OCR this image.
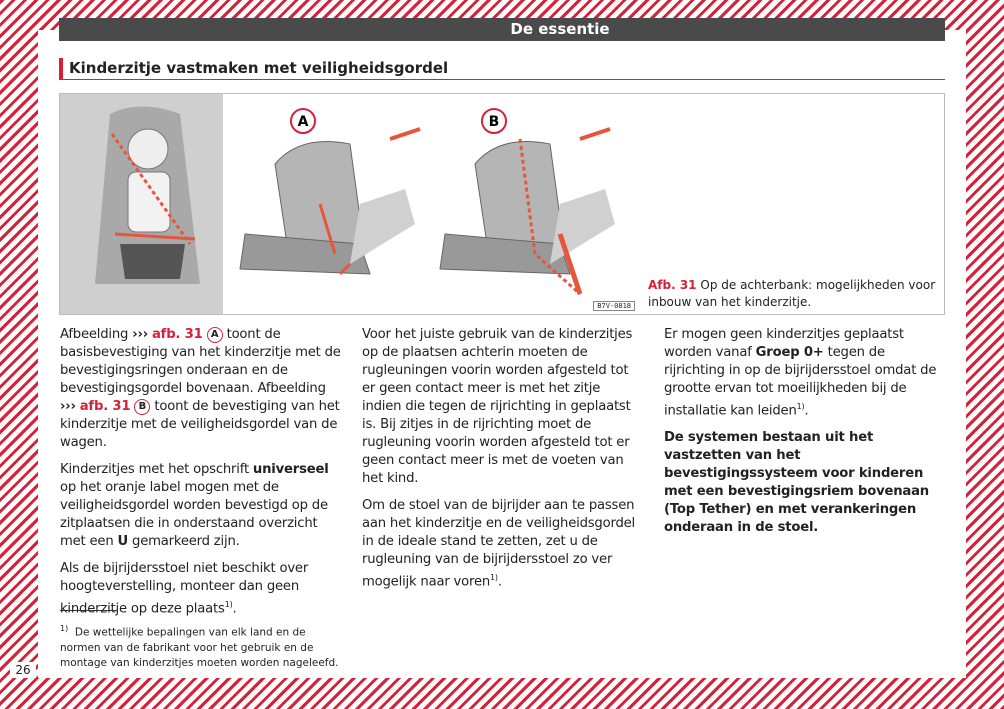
De essentie
Kinderzitje vastmaken met veiligheidsgordel
A	B
B7V-0818
Afb. 31 Op de achterbank: mogelijkheden voor inbouw van het kinderzitje.

Afbeelding ››› afb. 31 A toont de basisbevestiging van het kinderzitje met de bevestigingsringen onderaan en de bevestigingsgordel bovenaan. Afbeelding ››› afb. 31 B toont de bevestiging van het kinderzitje met de veiligheidsgordel van de wagen.

Kinderzitjes met het opschrift universeel op het oranje label mogen met de veiligheidsgordel worden bevestigd op de zitplaatsen die in onderstaand overzicht met een U gemarkeerd zijn.

Als de bijrijdersstoel niet beschikt over hoogteverstelling, monteer dan geen kinderzitje op deze plaats$^{1)}$.

Voor het juiste gebruik van de kinderzitjes op de plaatsen achterin moeten de rugleuningen voorin worden afgesteld tot er geen contact meer is met het zitje indien die tegen de rijrichting in geplaatst is. Bij zitjes in de rijrichting moet de rugleuning voorin worden afgesteld tot er geen contact meer is met de voeten van het kind.

Om de stoel van de bijrijder aan te passen aan het kinderzitje en de veiligheidsgordel in de ideale stand te zetten, zet u de rugleuning van de bijrijdersstoel zo ver mogelijk naar voren$^{1)}$.

Er mogen geen kinderzitjes geplaatst worden vanaf Groep 0+ tegen de rijrichting in op de bijrijdersstoel omdat de grootte ervan tot moeilijkheden bij de installatie kan leiden$^{1)}$.

De systemen bestaan uit het vastzetten van het bevestigingssysteem voor kinderen met een bevestigingsriem bovenaan (Top Tether) en met verankeringen onderaan in de stoel.

$^{1)}$ De wettelijke bepalingen van elk land en de normen van de fabrikant voor het gebruik en de montage van kinderzitjes moeten worden nageleefd.
26
